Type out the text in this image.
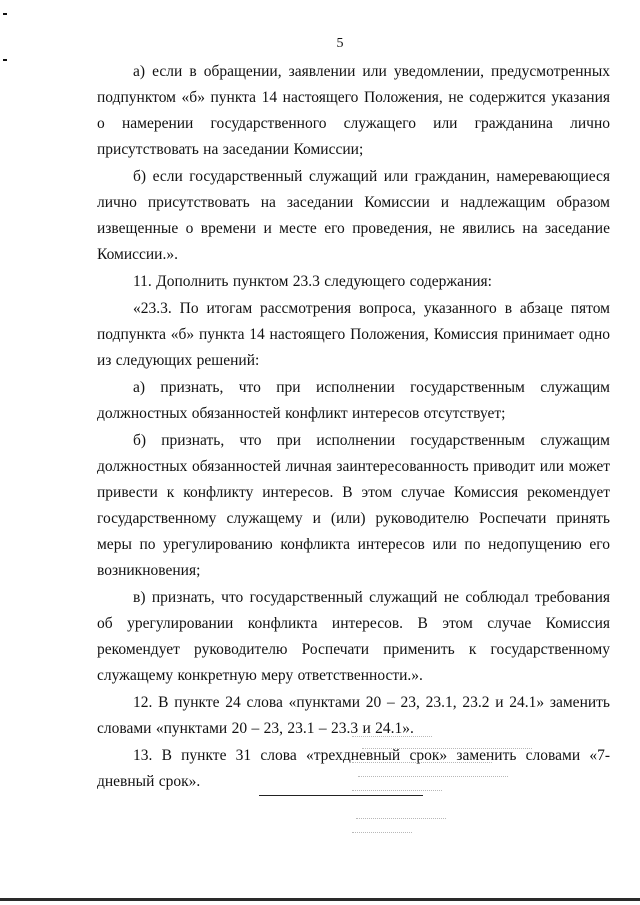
5

а) если в обращении, заявлении или уведомлении, предусмотренных подпунктом «б» пункта 14 настоящего Положения, не содержится указания о намерении государственного служащего или гражданина лично присутствовать на заседании Комиссии;

б) если государственный служащий или гражданин, намеревающиеся лично присутствовать на заседании Комиссии и надлежащим образом извещенные о времени и месте его проведения, не явились на заседание Комиссии.».

11. Дополнить пунктом 23.3 следующего содержания:

«23.3. По итогам рассмотрения вопроса, указанного в абзаце пятом подпункта «б» пункта 14 настоящего Положения, Комиссия принимает одно из следующих решений:

а) признать, что при исполнении государственным служащим должностных обязанностей конфликт интересов отсутствует;

б) признать, что при исполнении государственным служащим должностных обязанностей личная заинтересованность приводит или может привести к конфликту интересов. В этом случае Комиссия рекомендует государственному служащему и (или) руководителю Роспечати принять меры по урегулированию конфликта интересов или по недопущению его возникновения;

в) признать, что государственный служащий не соблюдал требования об урегулировании конфликта интересов. В этом случае Комиссия рекомендует руководителю Роспечати применить к государственному служащему конкретную меру ответственности.».

12. В пункте 24 слова «пунктами 20 – 23, 23.1, 23.2 и 24.1» заменить словами «пунктами 20 – 23, 23.1 – 23.3 и 24.1».

13. В пункте 31 слова «трехдневный срок» заменить словами «7-дневный срок».
